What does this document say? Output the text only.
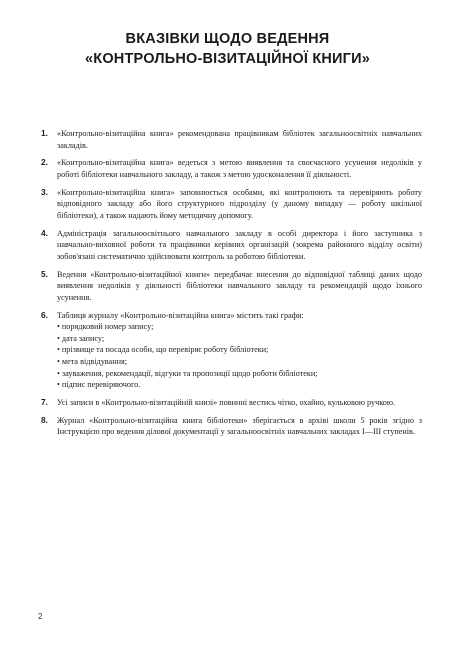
ВКАЗІВКИ ЩОДО ВЕДЕННЯ
«КОНТРОЛЬНО-ВІЗИТАЦІЙНОЇ КНИГИ»
1. «Контрольно-візитаційна книга» рекомендована працівникам бібліотек загальноосвітніх навчальних закладів.
2. «Контрольно-візитаційна книга» ведеться з метою виявлення та своєчасного усунення недоліків у роботі бібліотеки навчального закладу, а також з метою удосконалення її діяльності.
3. «Контрольно-візитаційна книга» заповнюється особами, які контролюють та перевіряють роботу відповідного закладу або його структурного підрозділу (у даному випадку — роботу шкільної бібліотеки), а також надають йому методичну допомогу.
4. Адміністрація загальноосвітнього навчального закладу в особі директора і його заступника з навчально-виховної роботи та працівники керівних організацій (зокрема районного відділу освіти) зобов'язані систематично здійснювати контроль за роботою бібліотеки.
5. Ведення «Контрольно-візитаційної книги» передбачає внесення до відповідної таблиці даних щодо виявлення недоліків у діяльності бібліотеки навчального закладу та рекомендацій щодо їхнього усунення.
6. Таблиця журналу «Контрольно-візитаційна книга» містить такі графи:
• порядковий номер запису;
• дата запису;
• прізвище та посада особи, що перевіряє роботу бібліотеки;
• мета відвідування;
• зауваження, рекомендації, відгуки та пропозиції щодо роботи бібліотеки;
• підпис перевіряючого.
7. Усі записи в «Контрольно-візитаційній книзі» повинні вестись чітко, охайно, кульковою ручкою.
8. Журнал «Контрольно-візитаційна книга бібліотеки» зберігається в архіві школи 5 років згідно з Інструкцією про ведення ділової документації у загальноосвітніх навчальних закладах І—ІІІ ступенів.
2
